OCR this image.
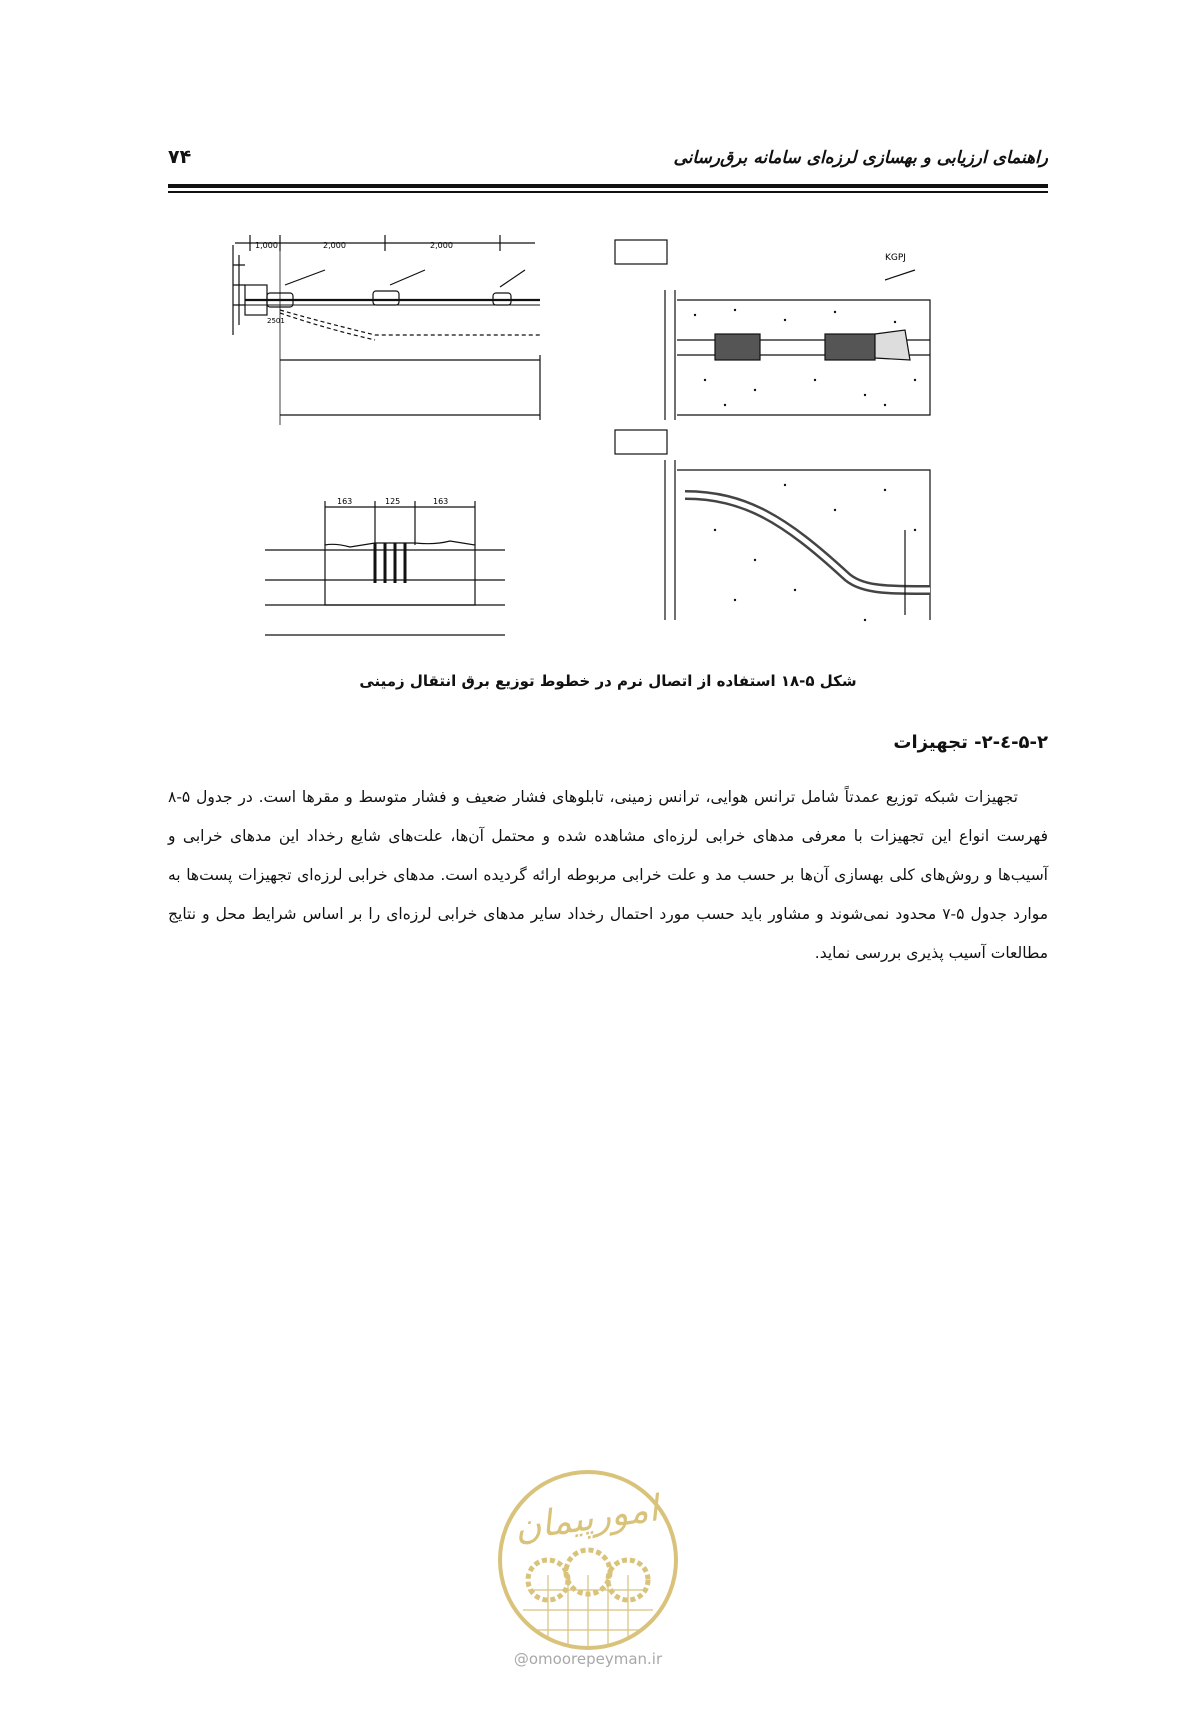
۷۴	راهنمای ارزیابی و بهسازی لرزه‌ای سامانه برق‌رسانی
1,000	2,000	2,000
2501
163	125	163
KGPJ
شکل ۵-۱۸ استفاده از اتصال نرم در خطوط توزیع برق انتقال زمینی
۵-۲-٤-۲- تجهیزات

تجهیزات شبکه توزیع عمدتاً شامل ترانس هوایی، ترانس زمینی، تابلوهای فشار ضعیف و فشار متوسط و مقرها است. در جدول ۵-۸ فهرست انواع این تجهیزات با معرفی مدهای خرابی لرزه‌ای مشاهده شده و محتمل آن‌ها، علت‌های شایع رخداد این مدهای خرابی و آسیب‌ها و روش‌های کلی بهسازی آن‌ها بر حسب مد و علت خرابی مربوطه ارائه گردیده است. مدهای خرابی لرزه‌ای تجهیزات پست‌ها به موارد جدول ۵-۷ محدود نمی‌شوند و مشاور باید حسب مورد احتمال رخداد سایر مدهای خرابی لرزه‌ای را بر اساس شرایط محل و نتایج مطالعات آسیب پذیری بررسی نماید.

امورپیمان
@omoorepeyman.ir
